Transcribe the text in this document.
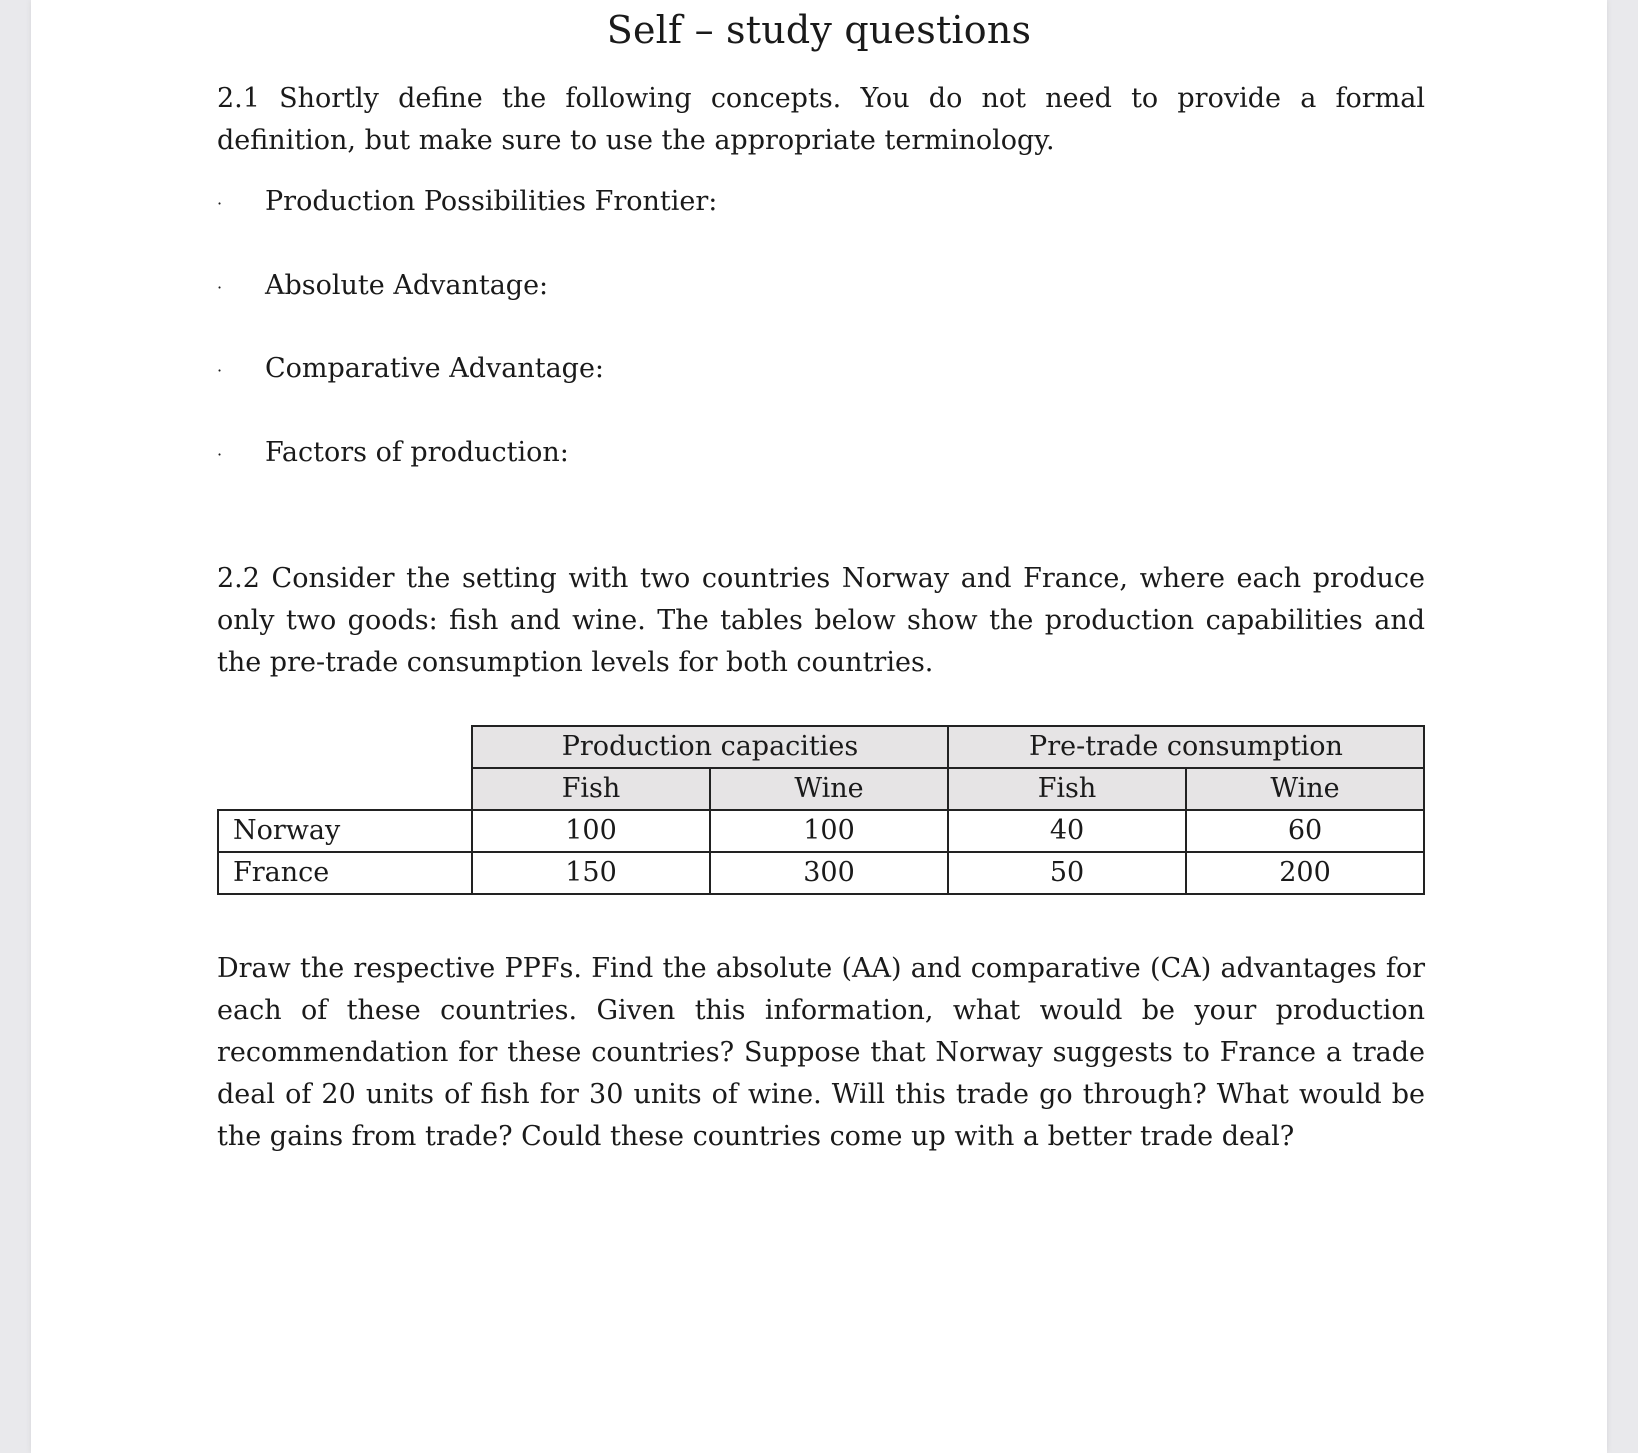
Self – study questions
2.1 Shortly define the following concepts. You do not need to provide a formal definition, but make sure to use the appropriate terminology.
·	Production Possibilities Frontier:
·	Absolute Advantage:
·	Comparative Advantage:
·	Factors of production:
2.2 Consider the setting with two countries Norway and France, where each produce only two goods: fish and wine. The tables below show the production capabilities and the pre-trade consumption levels for both countries.
	Production capacities		Pre-trade consumption	
	Fish	Wine	Fish	Wine
Norway	100	100	40	60
France	150	300	50	200
Draw the respective PPFs. Find the absolute (AA) and comparative (CA) advantages for each of these countries. Given this information, what would be your production recommendation for these countries? Suppose that Norway suggests to France a trade deal of 20 units of fish for 30 units of wine. Will this trade go through? What would be the gains from trade? Could these countries come up with a better trade deal?
